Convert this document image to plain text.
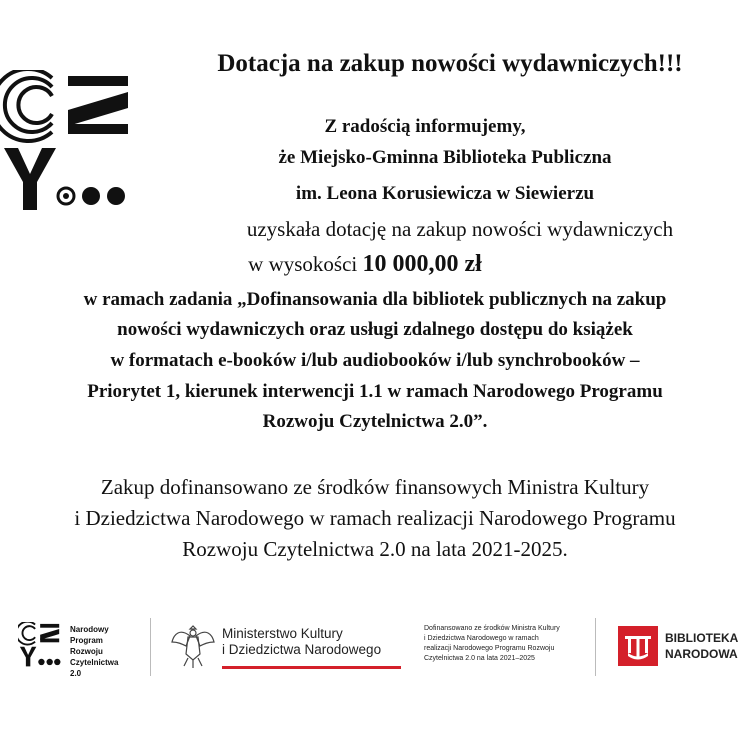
Dotacja na zakup nowości wydawniczych!!!
Z radością informujemy,
że Miejsko-Gminna Biblioteka Publiczna
im. Leona Korusiewicza w Siewierzu
uzyskała dotację na zakup nowości wydawniczych
w wysokości 10 000,00 zł
w ramach zadania „Dofinansowania dla bibliotek publicznych na zakup
nowości wydawniczych oraz usługi zdalnego dostępu do książek
w formatach e-booków i/lub audiobooków i/lub synchrobooków –
Priorytet 1, kierunek interwencji 1.1 w ramach Narodowego Programu
Rozwoju Czytelnictwa 2.0”.
Zakup dofinansowano ze środków finansowych Ministra Kultury
i Dziedzictwa Narodowego w ramach realizacji Narodowego Programu
Rozwoju Czytelnictwa 2.0 na lata 2021-2025.
Narodowy
Program
Rozwoju
Czytelnictwa
2.0
Ministerstwo Kultury
i Dziedzictwa Narodowego
Dofinansowano ze środków Ministra Kultury
i Dziedzictwa Narodowego w ramach
realizacji Narodowego Programu Rozwoju
Czytelnictwa 2.0 na lata 2021–2025
BIBLIOTEKA
NARODOWA
